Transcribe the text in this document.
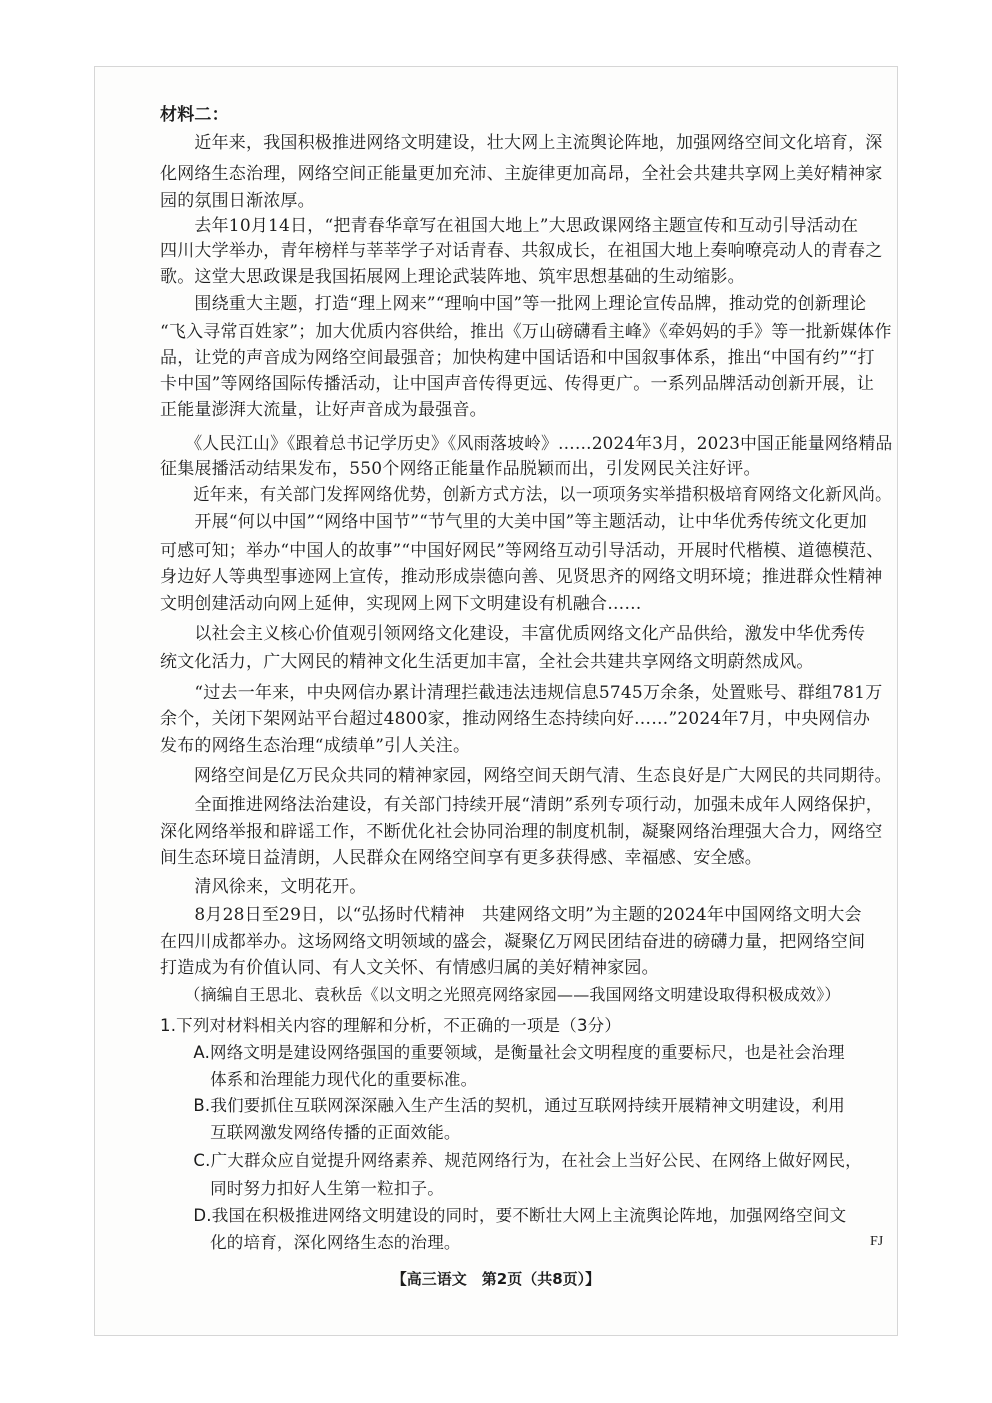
材料二：
　　近年来，我国积极推进网络文明建设，壮大网上主流舆论阵地，加强网络空间文化培育，深
化网络生态治理，网络空间正能量更加充沛、主旋律更加高昂，全社会共建共享网上美好精神家
园的氛围日渐浓厚。
　　去年10月14日，“把青春华章写在祖国大地上”大思政课网络主题宣传和互动引导活动在
四川大学举办，青年榜样与莘莘学子对话青春、共叙成长，在祖国大地上奏响嘹亮动人的青春之
歌。这堂大思政课是我国拓展网上理论武装阵地、筑牢思想基础的生动缩影。
　　围绕重大主题，打造“理上网来”“理响中国”等一批网上理论宣传品牌，推动党的创新理论
“飞入寻常百姓家”；加大优质内容供给，推出《万山磅礴看主峰》《牵妈妈的手》等一批新媒体作
品，让党的声音成为网络空间最强音；加快构建中国话语和中国叙事体系，推出“中国有约”“打
卡中国”等网络国际传播活动，让中国声音传得更远、传得更广。一系列品牌活动创新开展，让
正能量澎湃大流量，让好声音成为最强音。
　　《人民江山》《跟着总书记学历史》《风雨落坡岭》……2024年3月，2023中国正能量网络精品
征集展播活动结果发布，550个网络正能量作品脱颖而出，引发网民关注好评。
　　近年来，有关部门发挥网络优势，创新方式方法，以一项项务实举措积极培育网络文化新风尚。
　　开展“何以中国”“网络中国节”“节气里的大美中国”等主题活动，让中华优秀传统文化更加
可感可知；举办“中国人的故事”“中国好网民”等网络互动引导活动，开展时代楷模、道德模范、
身边好人等典型事迹网上宣传，推动形成崇德向善、见贤思齐的网络文明环境；推进群众性精神
文明创建活动向网上延伸，实现网上网下文明建设有机融合……
　　以社会主义核心价值观引领网络文化建设，丰富优质网络文化产品供给，激发中华优秀传
统文化活力，广大网民的精神文化生活更加丰富，全社会共建共享网络文明蔚然成风。
　　“过去一年来，中央网信办累计清理拦截违法违规信息5745万余条，处置账号、群组781万
余个，关闭下架网站平台超过4800家，推动网络生态持续向好……”2024年7月，中央网信办
发布的网络生态治理“成绩单”引人关注。
　　网络空间是亿万民众共同的精神家园，网络空间天朗气清、生态良好是广大网民的共同期待。
　　全面推进网络法治建设，有关部门持续开展“清朗”系列专项行动，加强未成年人网络保护，
深化网络举报和辟谣工作，不断优化社会协同治理的制度机制，凝聚网络治理强大合力，网络空
间生态环境日益清朗，人民群众在网络空间享有更多获得感、幸福感、安全感。
　　清风徐来，文明花开。
　　8月28日至29日，以“弘扬时代精神　共建网络文明”为主题的2024年中国网络文明大会
在四川成都举办。这场网络文明领域的盛会，凝聚亿万网民团结奋进的磅礴力量，把网络空间
打造成为有价值认同、有人文关怀、有情感归属的美好精神家园。
　　（摘编自王思北、袁秋岳《以文明之光照亮网络家园——我国网络文明建设取得积极成效》）
1.下列对材料相关内容的理解和分析，不正确的一项是（3分）
　　A.网络文明是建设网络强国的重要领域，是衡量社会文明程度的重要标尺，也是社会治理
　　　体系和治理能力现代化的重要标准。
　　B.我们要抓住互联网深深融入生产生活的契机，通过互联网持续开展精神文明建设，利用
　　　互联网激发网络传播的正面效能。
　　C.广大群众应自觉提升网络素养、规范网络行为，在社会上当好公民、在网络上做好网民，
　　　同时努力扣好人生第一粒扣子。
　　D.我国在积极推进网络文明建设的同时，要不断壮大网上主流舆论阵地，加强网络空间文
　　　化的培育，深化网络生态的治理。	FJ
【高三语文　第2页（共8页）】
